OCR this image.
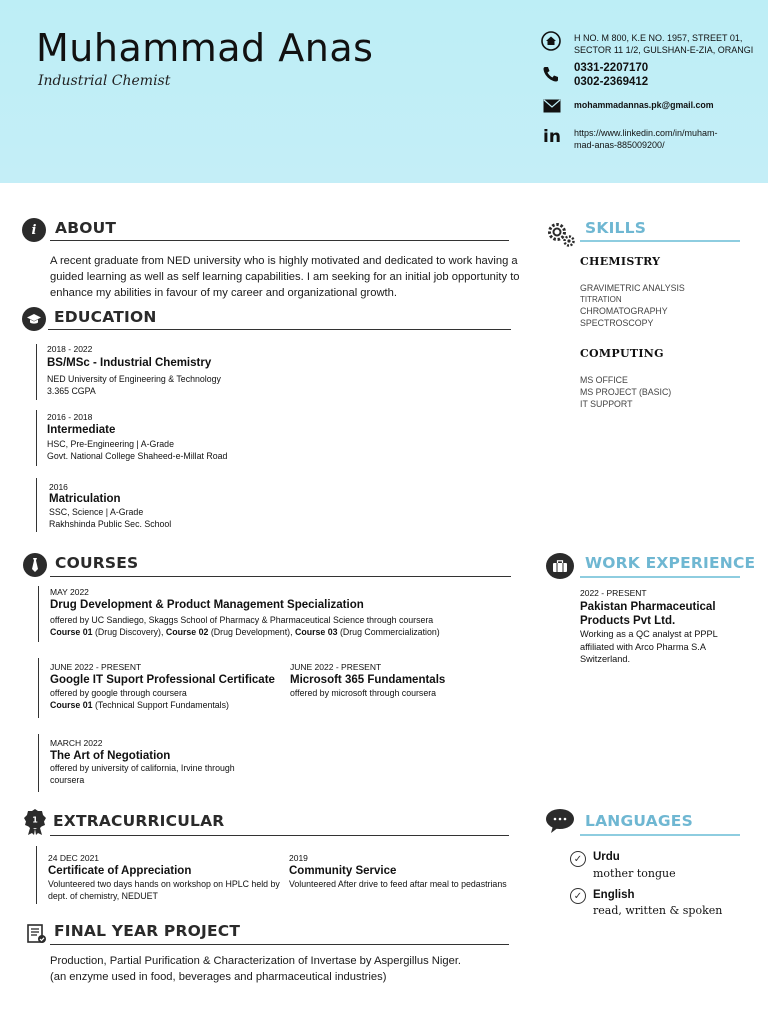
Muhammad Anas
Industrial Chemist
H NO. M 800, K.E NO. 1957, STREET 01,
SECTOR 11 1/2, GULSHAN-E-ZIA, ORANGI
0331-2207170
0302-2369412
mohammadannas.pk@gmail.com
in https://www.linkedin.com/in/muham-
mad-anas-885009200/
i	ABOUT
A recent graduate from NED university who is highly motivated and dedicated to work having a
guided learning as well as self learning capabilities. I am seeking for an initial job opportunity to
enhance my abilities in favour of my career and organizational growth.
EDUCATION
2018 - 2022
BS/MSc - Industrial Chemistry
NED University of Engineering & Technology
3.365 CGPA
2016 - 2018
Intermediate
HSC, Pre-Engineering | A-Grade
Govt. National College Shaheed-e-Millat Road
2016
Matriculation
SSC, Science | A-Grade
Rakhshinda Public Sec. School
COURSES
MAY 2022
Drug Development & Product Management Specialization
offered by UC Sandiego, Skaggs School of Pharmacy & Pharmaceutical Science through coursera
Course 01 (Drug Discovery), Course 02 (Drug Development), Course 03 (Drug Commercialization)
JUNE 2022 - PRESENT
Google IT Suport Professional Certificate
offered by google through coursera
Course 01 (Technical Support Fundamentals)
JUNE 2022 - PRESENT
Microsoft 365 Fundamentals
offered by microsoft through coursera
MARCH 2022
The Art of Negotiation
offered by university of california, Irvine through
coursera
1 EXTRACURRICULAR
24 DEC 2021
Certificate of Appreciation
Volunteered two days hands on workshop on HPLC held by
dept. of chemistry, NEDUET
2019
Community Service
Volunteered After drive to feed aftar meal to pedastrians
FINAL YEAR PROJECT
Production, Partial Purification & Characterization of Invertase by Aspergillus Niger.
(an enzyme used in food, beverages and pharmaceutical industries)
SKILLS
CHEMISTRY
GRAVIMETRIC ANALYSIS
TITRATION
CHROMATOGRAPHY
SPECTROSCOPY
COMPUTING
MS OFFICE
MS PROJECT (BASIC)
IT SUPPORT
WORK EXPERIENCE
2022 - PRESENT
Pakistan Pharmaceutical
Products Pvt Ltd.
Working as a QC analyst at PPPL
affiliated with Arco Pharma S.A
Switzerland.
LANGUAGES
✓ Urdu
mother tongue
✓ English
read, written & spoken
